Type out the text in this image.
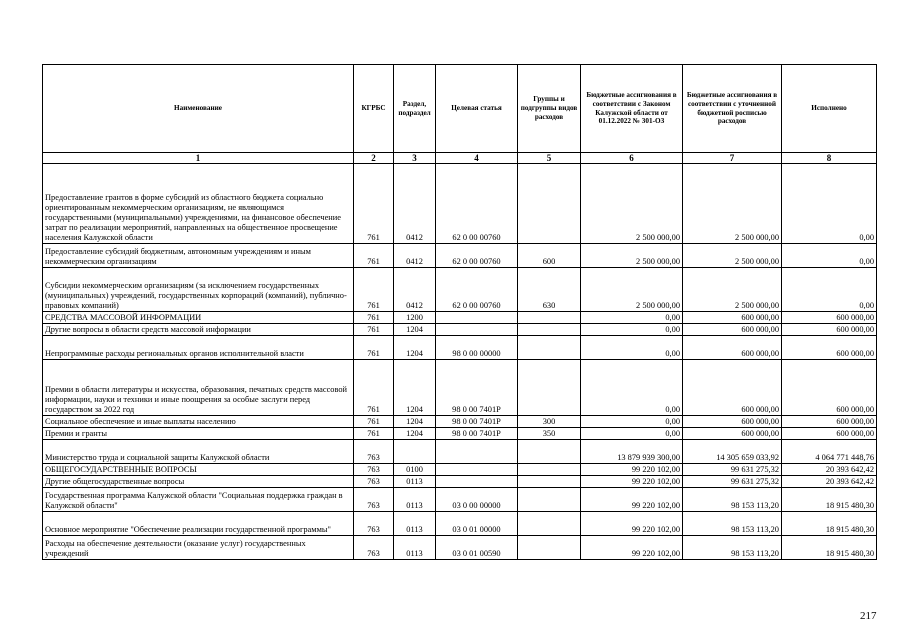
Наименование	КГРБС	Раздел, подраздел	Целевая статья	Группы и подгруппы видов расходов	Бюджетные ассигнования в соответствии с Законом Калужской области от 01.12.2022 № 301-ОЗ	Бюджетные ассигнования в соответствии с уточненной бюджетной росписью расходов	Исполнено
1	2	3	4	5	6	7	8
Предоставление грантов в форме субсидий из областного бюджета социально ориентированным некоммерческим организациям, не являющимся государственными (муниципальными) учреждениями, на финансовое обеспечение затрат по реализации мероприятий, направленных на общественное просвещение населения Калужской области	761	0412	62 0 00 00760		2 500 000,00	2 500 000,00	0,00
Предоставление субсидий бюджетным, автономным учреждениям и иным некоммерческим организациям	761	0412	62 0 00 00760	600	2 500 000,00	2 500 000,00	0,00
Субсидии некоммерческим организациям (за исключением государственных (муниципальных) учреждений, государственных корпораций (компаний), публично-правовых компаний)	761	0412	62 0 00 00760	630	2 500 000,00	2 500 000,00	0,00
СРЕДСТВА МАССОВОЙ ИНФОРМАЦИИ	761	1200			0,00	600 000,00	600 000,00
Другие вопросы в области средств массовой информации	761	1204			0,00	600 000,00	600 000,00
Непрограммные расходы региональных органов исполнительной власти	761	1204	98 0 00 00000		0,00	600 000,00	600 000,00
Премии в области литературы и искусства, образования, печатных средств массовой информации, науки и техники и иные поощрения за особые заслуги перед государством за 2022 год	761	1204	98 0 00 7401P		0,00	600 000,00	600 000,00
Социальное обеспечение и иные выплаты населению	761	1204	98 0 00 7401P	300	0,00	600 000,00	600 000,00
Премии и гранты	761	1204	98 0 00 7401P	350	0,00	600 000,00	600 000,00
Министерство труда и социальной защиты Калужской области	763				13 879 939 300,00	14 305 659 033,92	4 064 771 448,76
ОБЩЕГОСУДАРСТВЕННЫЕ ВОПРОСЫ	763	0100			99 220 102,00	99 631 275,32	20 393 642,42
Другие общегосударственные вопросы	763	0113			99 220 102,00	99 631 275,32	20 393 642,42
Государственная программа Калужской области "Социальная поддержка граждан в Калужской области"	763	0113	03 0 00 00000		99 220 102,00	98 153 113,20	18 915 480,30
Основное мероприятие "Обеспечение реализации государственной программы"	763	0113	03 0 01 00000		99 220 102,00	98 153 113,20	18 915 480,30
Расходы на обеспечение деятельности (оказание услуг) государственных учреждений	763	0113	03 0 01 00590		99 220 102,00	98 153 113,20	18 915 480,30
217
